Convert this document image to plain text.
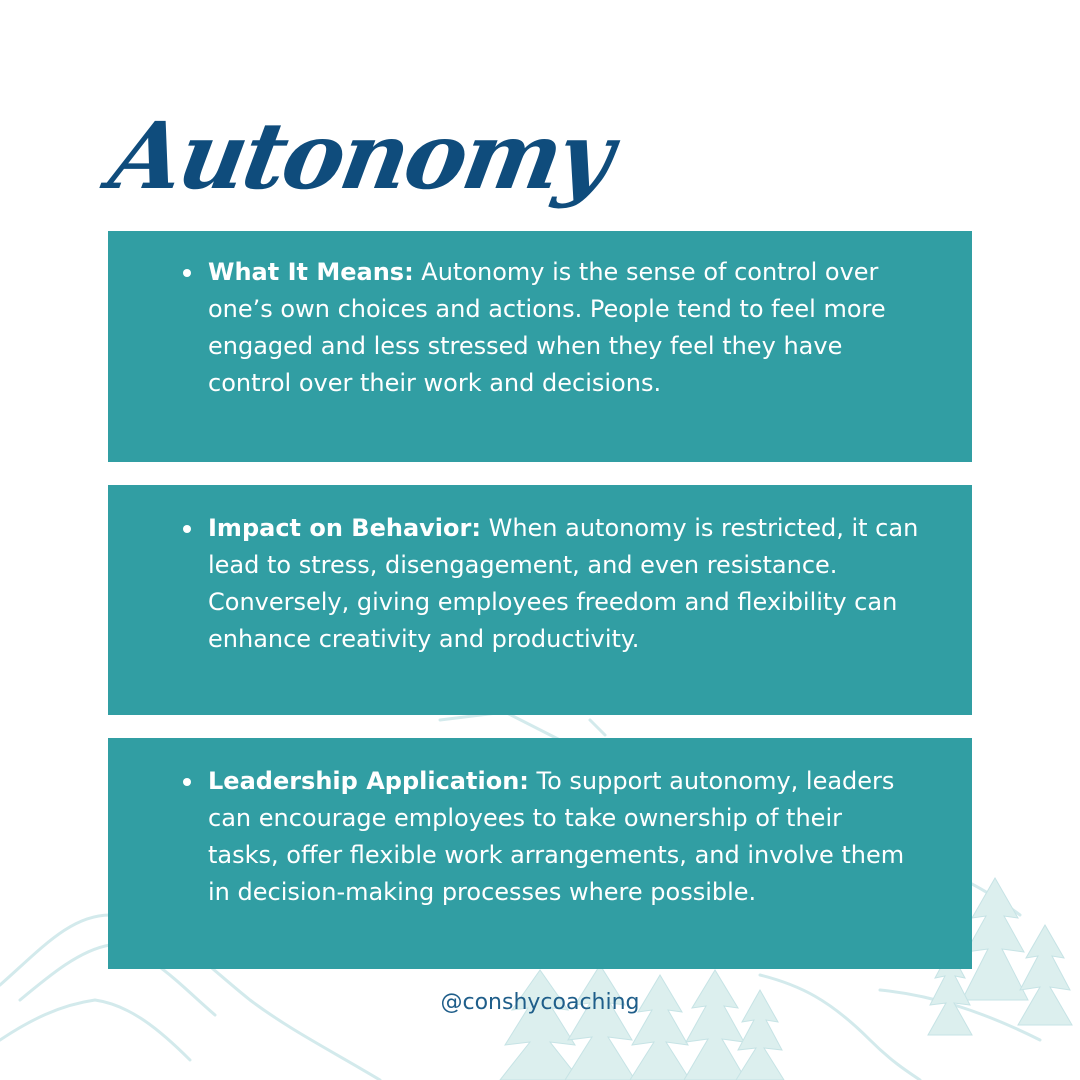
Autonomy
What It Means: Autonomy is the sense of control over one’s own choices and actions. People tend to feel more engaged and less stressed when they feel they have control over their work and decisions.
Impact on Behavior: When autonomy is restricted, it can lead to stress, disengagement, and even resistance. Conversely, giving employees freedom and flexibility can enhance creativity and productivity.
Leadership Application: To support autonomy, leaders can encourage employees to take ownership of their tasks, offer flexible work arrangements, and involve them in decision-making processes where possible.
@conshycoaching
